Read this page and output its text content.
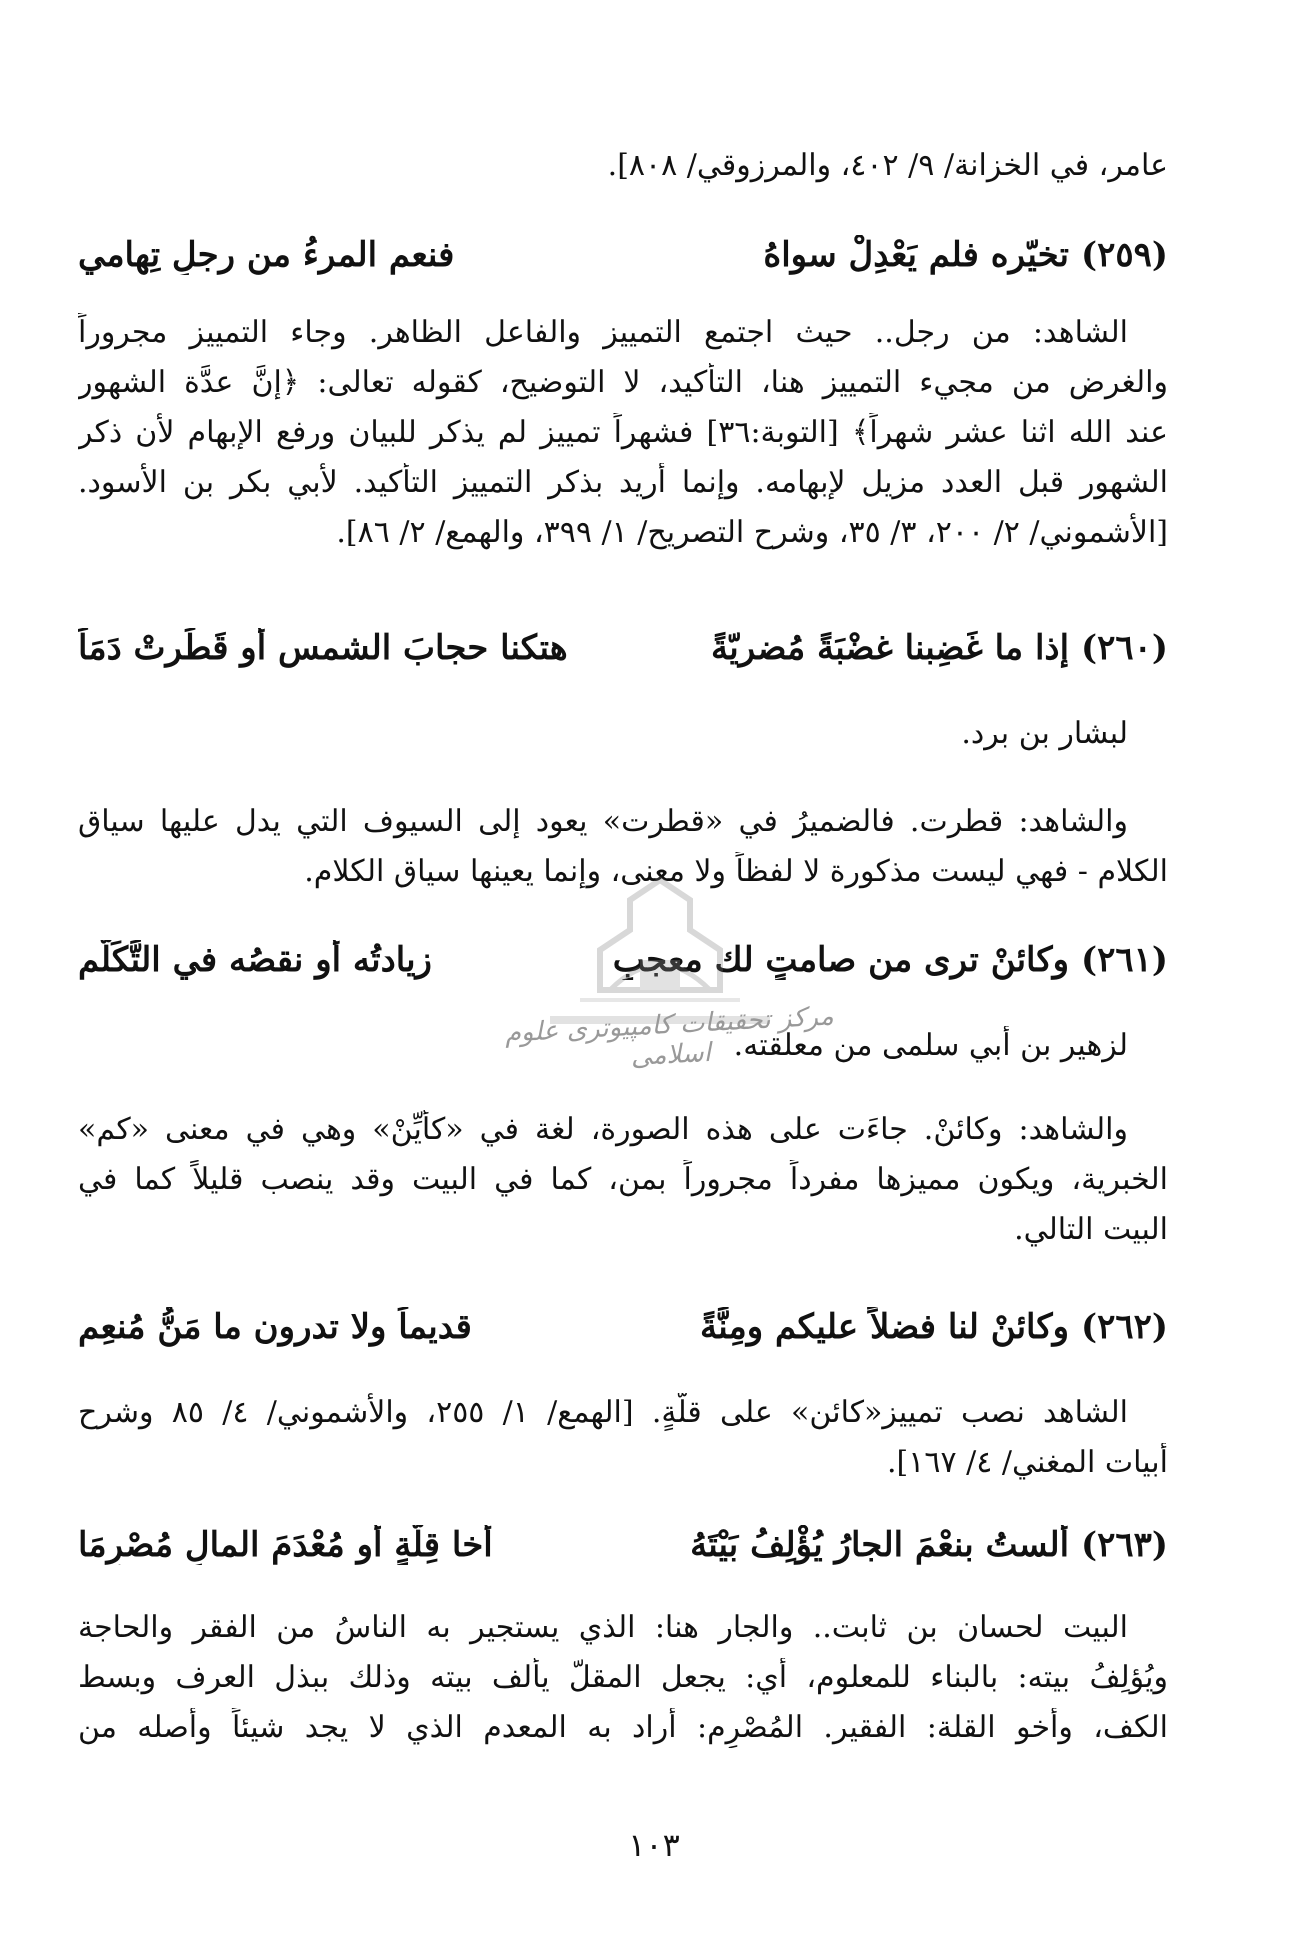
عامر، في الخزانة/ ٩/ ٤٠٢، والمرزوقي/ ٨٠٨].
(٢٥٩)تخيّره فلم يَعْدِلْ سواهُ
فنعم المرءُ من رجلٍ تِهامي
الشاهد: من رجل.. حيث اجتمع التمييز والفاعل الظاهر. وجاء التمييز مجروراً
والغرض من مجيء التمييز هنا، التأكيد، لا التوضيح، كقوله تعالى: ﴿إنَّ عدَّة الشهور
عند الله اثنا عشر شهراً﴾ [التوبة:٣٦] فشهراً تمييز لم يذكر للبيان ورفع الإبهام لأن ذكر
الشهور قبل العدد مزيل لإبهامه. وإنما أريد بذكر التمييز التأكيد. لأبي بكر بن الأسود.
[الأشموني/ ٢/ ٢٠٠، ٣/ ٣٥، وشرح التصريح/ ١/ ٣٩٩، والهمع/ ٢/ ٨٦].
(٢٦٠)إذا ما غَضِبنا غضْبَةً مُضريّةً
هتكنا حجابَ الشمسِ أو قَطَرتْ دَمَاً
لبشار بن برد.
والشاهد: قطرت. فالضميرُ في «قطرت» يعود إلى السيوف التي يدل عليها سياق
الكلام - فهي ليست مذكورة لا لفظاً ولا معنى، وإنما يعينها سياق الكلام.
(٢٦١)وكائنْ ترى من صامتٍ لك معجبٍ
زيادتُه أو نقصُه في التَّكَلُّم
لزهير بن أبي سلمى من معلقته.
والشاهد: وكائنْ. جاءَت على هذه الصورة، لغة في «كأيِّنْ» وهي في معنى «كم»
الخبرية، ويكون مميزها مفرداً مجروراً بمن، كما في البيت وقد ينصب قليلاً كما في
البيت التالي.
(٢٦٢)وكائنْ لنا فضلاً عليكم ومِنَّةً
قديماً ولا تدرون ما مَنُّ مُنعِمِ
الشاهد نصب تمييز«كائن» على قلّةٍ. [الهمع/ ١/ ٢٥٥، والأشموني/ ٤/ ٨٥ وشرح
أبيات المغني/ ٤/ ١٦٧].
(٢٦٣)ألستُ بنعْمَ الجارُ يُؤْلِفُ بَيْتَهُ
أخا قِلَّةٍ أو مُعْدَمَ المالِ مُصْرِمَا
البيت لحسان بن ثابت.. والجار هنا: الذي يستجير به الناسُ من الفقر والحاجة
ويُؤلِفُ بيته: بالبناء للمعلوم، أي: يجعل المقلّ يألف بيته وذلك ببذل العرف وبسط
الكف، وأخو القلة: الفقير. المُصْرِم: أراد به المعدم الذي لا يجد شيئاً وأصله من
مركز تحقیقات کامپیوتری علوم اسلامی
١٠٣
